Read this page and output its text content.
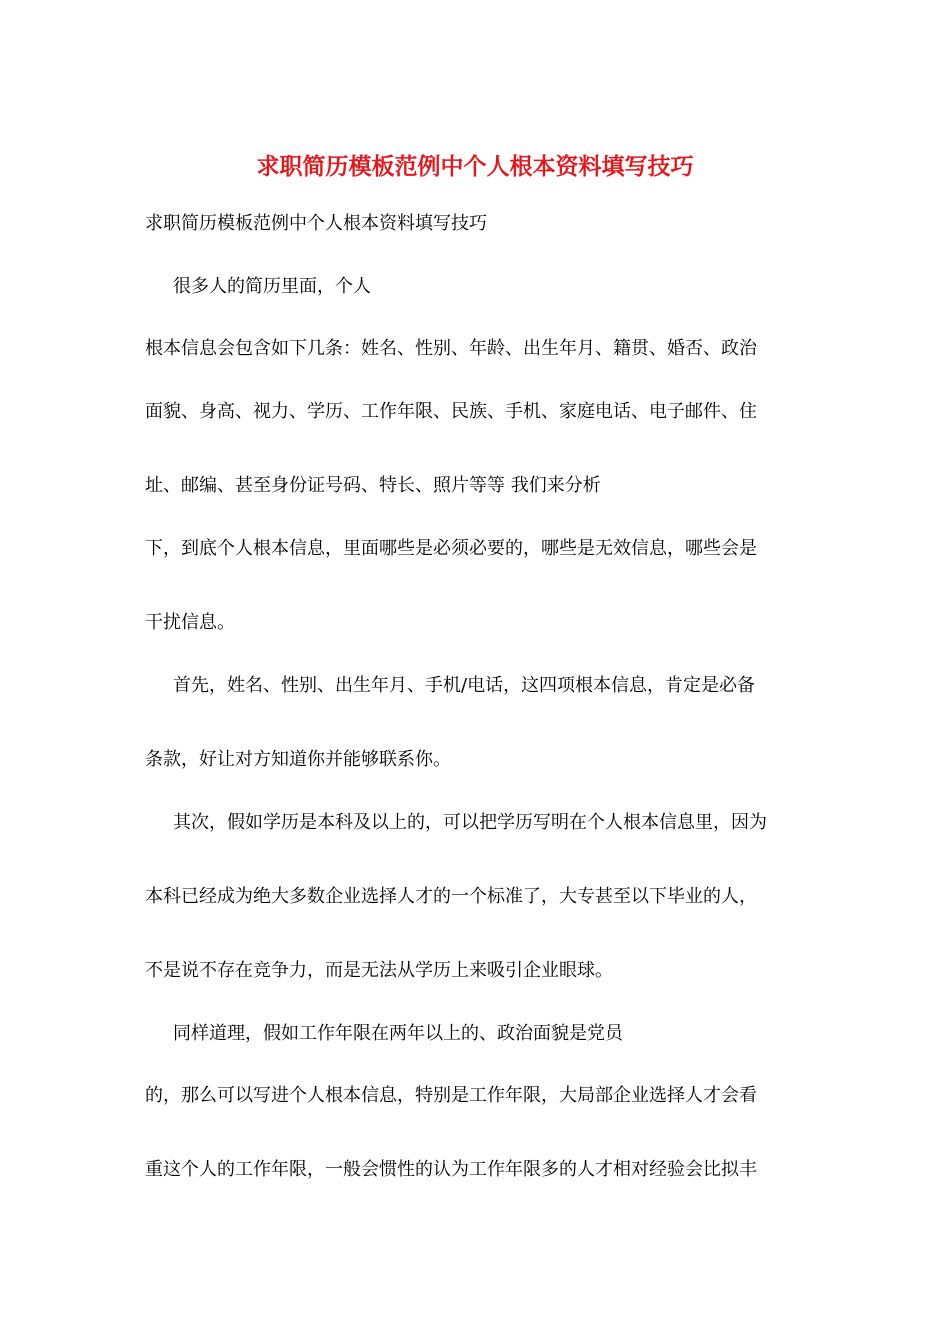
求职简历模板范例中个人根本资料填写技巧
求职简历模板范例中个人根本资料填写技巧
很多人的简历里面，个人
根本信息会包含如下几条：姓名、性别、年龄、出生年月、籍贯、婚否、政治
面貌、身高、视力、学历、工作年限、民族、手机、家庭电话、电子邮件、住
址、邮编、甚至身份证号码、特长、照片等等 我们来分析
下，到底个人根本信息，里面哪些是必须必要的，哪些是无效信息，哪些会是
干扰信息。
首先，姓名、性别、出生年月、手机/电话，这四项根本信息，肯定是必备
条款，好让对方知道你并能够联系你。
其次，假如学历是本科及以上的，可以把学历写明在个人根本信息里，因为
本科已经成为绝大多数企业选择人才的一个标准了，大专甚至以下毕业的人，
不是说不存在竞争力，而是无法从学历上来吸引企业眼球。
同样道理，假如工作年限在两年以上的、政治面貌是党员
的，那么可以写进个人根本信息，特别是工作年限，大局部企业选择人才会看
重这个人的工作年限，一般会惯性的认为工作年限多的人才相对经验会比拟丰
